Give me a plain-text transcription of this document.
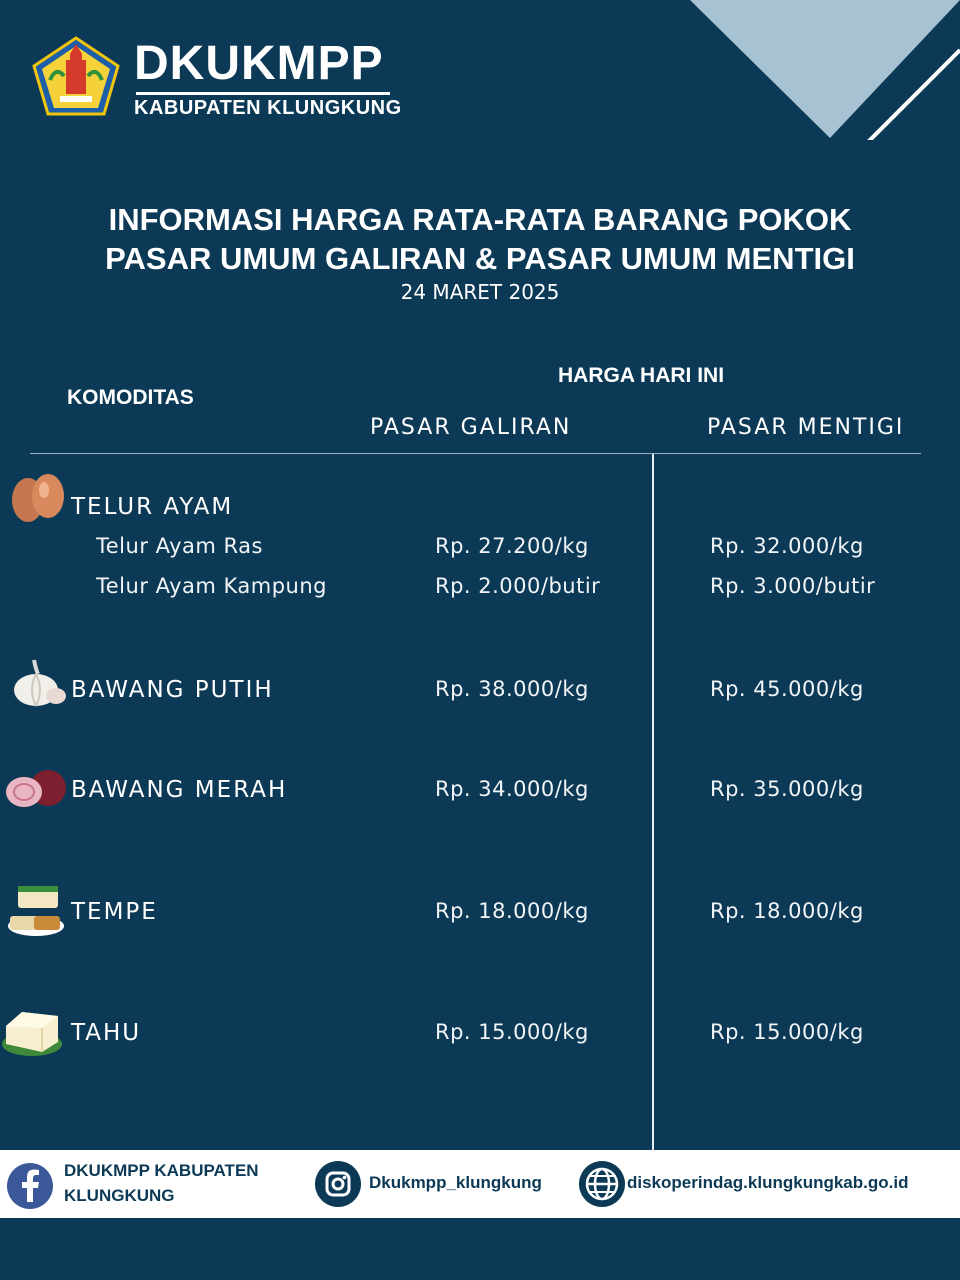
DKUKMPP
KABUPATEN KLUNGKUNG
INFORMASI HARGA RATA-RATA BARANG POKOK
PASAR UMUM GALIRAN & PASAR UMUM MENTIGI
24 MARET 2025
KOMODITAS
HARGA HARI INI
PASAR GALIRAN	PASAR MENTIGI
TELUR AYAM
Telur Ayam Ras	Rp. 27.200/kg	Rp. 32.000/kg
Telur Ayam Kampung	Rp. 2.000/butir	Rp. 3.000/butir
BAWANG PUTIH	Rp. 38.000/kg	Rp. 45.000/kg
BAWANG MERAH	Rp. 34.000/kg	Rp. 35.000/kg
TEMPE	Rp. 18.000/kg	Rp. 18.000/kg
TAHU	Rp. 15.000/kg	Rp. 15.000/kg
DKUKMPP KABUPATEN
KLUNGKUNG
Dkukmpp_klungkung	diskoperindag.klungkungkab.go.id
